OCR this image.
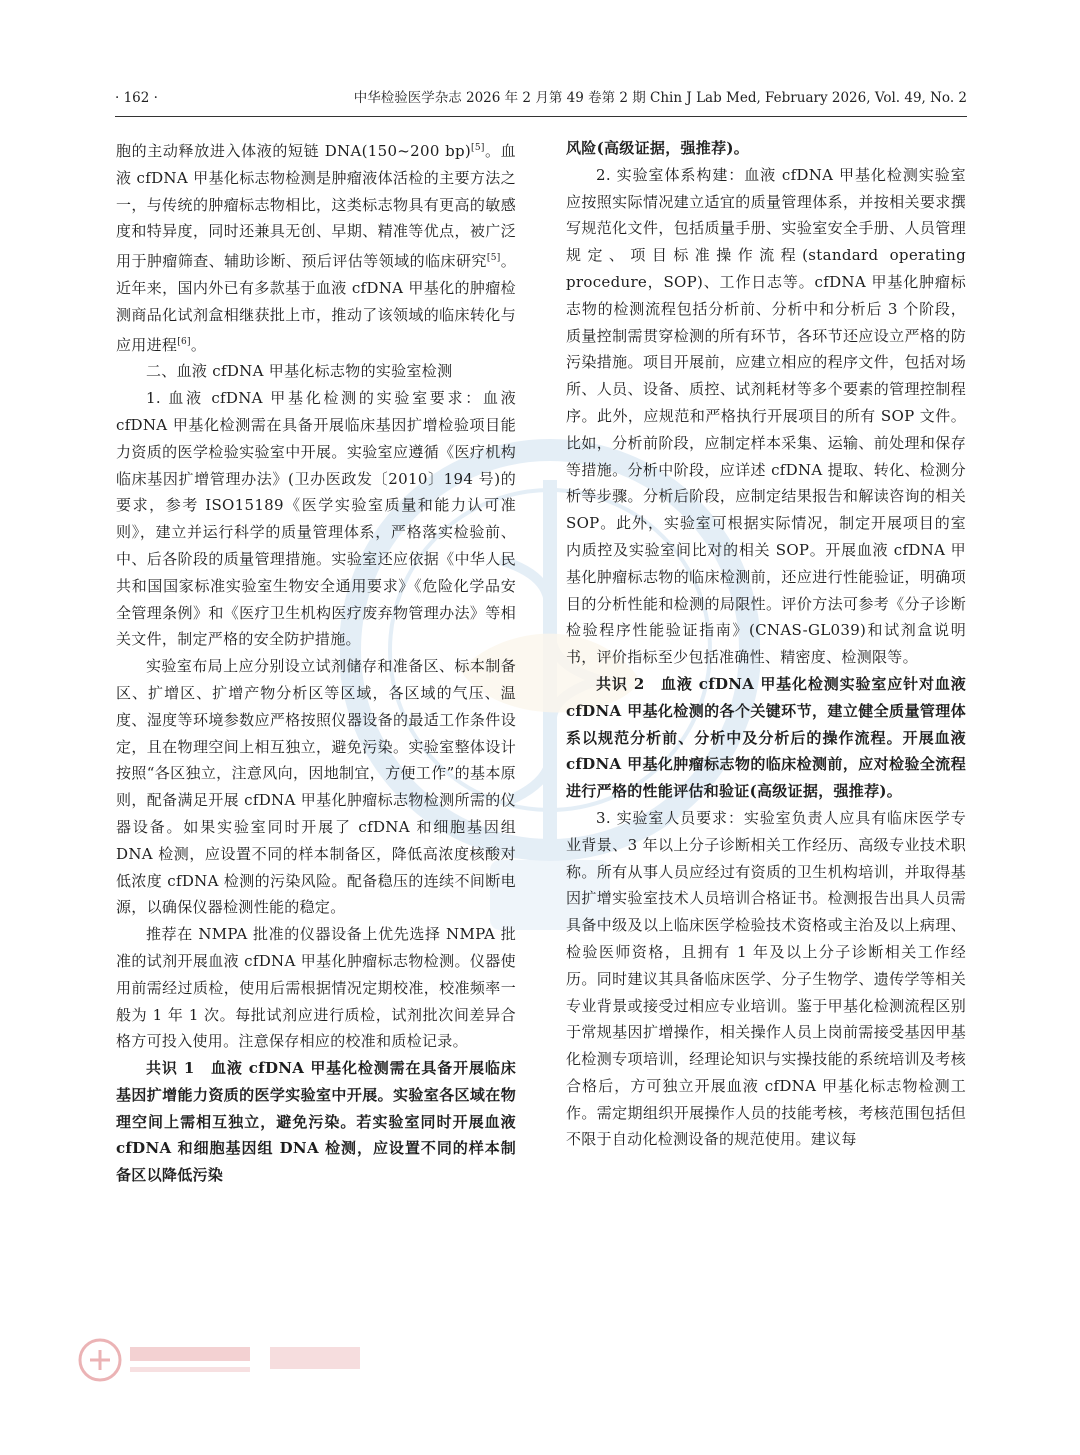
· 162 ·	中华检验医学杂志 2026 年 2 月第 49 卷第 2 期 Chin J Lab Med, February 2026, Vol. 49, No. 2

胞的主动释放进入体液的短链 DNA(150~200 bp)[5]。血液 cfDNA 甲基化标志物检测是肿瘤液体活检的主要方法之一，与传统的肿瘤标志物相比，这类标志物具有更高的敏感度和特异度，同时还兼具无创、早期、精准等优点，被广泛用于肿瘤筛查、辅助诊断、预后评估等领域的临床研究[5]。近年来，国内外已有多款基于血液 cfDNA 甲基化的肿瘤检测商品化试剂盒相继获批上市，推动了该领域的临床转化与应用进程[6]。

二、血液 cfDNA 甲基化标志物的实验室检测

1. 血液 cfDNA 甲基化检测的实验室要求：血液 cfDNA 甲基化检测需在具备开展临床基因扩增检验项目能力资质的医学检验实验室中开展。实验室应遵循《医疗机构临床基因扩增管理办法》(卫办医政发〔2010〕194 号)的要求，参考 ISO15189《医学实验室质量和能力认可准则》，建立并运行科学的质量管理体系，严格落实检验前、中、后各阶段的质量管理措施。实验室还应依据《中华人民共和国国家标准实验室生物安全通用要求》《危险化学品安全管理条例》和《医疗卫生机构医疗废弃物管理办法》等相关文件，制定严格的安全防护措施。

实验室布局上应分别设立试剂储存和准备区、标本制备区、扩增区、扩增产物分析区等区域，各区域的气压、温度、湿度等环境参数应严格按照仪器设备的最适工作条件设定，且在物理空间上相互独立，避免污染。实验室整体设计按照“各区独立，注意风向，因地制宜，方便工作”的基本原则，配备满足开展 cfDNA 甲基化肿瘤标志物检测所需的仪器设备。如果实验室同时开展了 cfDNA 和细胞基因组 DNA 检测，应设置不同的样本制备区，降低高浓度核酸对低浓度 cfDNA 检测的污染风险。配备稳压的连续不间断电源，以确保仪器检测性能的稳定。

推荐在 NMPA 批准的仪器设备上优先选择 NMPA 批准的试剂开展血液 cfDNA 甲基化肿瘤标志物检测。仪器使用前需经过质检，使用后需根据情况定期校准，校准频率一般为 1 年 1 次。每批试剂应进行质检，试剂批次间差异合格方可投入使用。注意保存相应的校准和质检记录。

共识 1　血液 cfDNA 甲基化检测需在具备开展临床基因扩增能力资质的医学实验室中开展。实验室各区域在物理空间上需相互独立，避免污染。若实验室同时开展血液 cfDNA 和细胞基因组 DNA 检测，应设置不同的样本制备区以降低污染

风险(高级证据，强推荐)。

2. 实验室体系构建：血液 cfDNA 甲基化检测实验室应按照实际情况建立适宜的质量管理体系，并按相关要求撰写规范化文件，包括质量手册、实验室安全手册、人员管理规定、项目标准操作流程(standard operating procedure，SOP)、工作日志等。cfDNA 甲基化肿瘤标志物的检测流程包括分析前、分析中和分析后 3 个阶段，质量控制需贯穿检测的所有环节，各环节还应设立严格的防污染措施。项目开展前，应建立相应的程序文件，包括对场所、人员、设备、质控、试剂耗材等多个要素的管理控制程序。此外，应规范和严格执行开展项目的所有 SOP 文件。比如，分析前阶段，应制定样本采集、运输、前处理和保存等措施。分析中阶段，应详述 cfDNA 提取、转化、检测分析等步骤。分析后阶段，应制定结果报告和解读咨询的相关 SOP。此外，实验室可根据实际情况，制定开展项目的室内质控及实验室间比对的相关 SOP。开展血液 cfDNA 甲基化肿瘤标志物的临床检测前，还应进行性能验证，明确项目的分析性能和检测的局限性。评价方法可参考《分子诊断检验程序性能验证指南》(CNAS-GL039)和试剂盒说明书，评价指标至少包括准确性、精密度、检测限等。

共识 2　血液 cfDNA 甲基化检测实验室应针对血液 cfDNA 甲基化检测的各个关键环节，建立健全质量管理体系以规范分析前、分析中及分析后的操作流程。开展血液 cfDNA 甲基化肿瘤标志物的临床检测前，应对检验全流程进行严格的性能评估和验证(高级证据，强推荐)。

3. 实验室人员要求：实验室负责人应具有临床医学专业背景、3 年以上分子诊断相关工作经历、高级专业技术职称。所有从事人员应经过有资质的卫生机构培训，并取得基因扩增实验室技术人员培训合格证书。检测报告出具人员需具备中级及以上临床医学检验技术资格或主治及以上病理、检验医师资格，且拥有 1 年及以上分子诊断相关工作经历。同时建议其具备临床医学、分子生物学、遗传学等相关专业背景或接受过相应专业培训。鉴于甲基化检测流程区别于常规基因扩增操作，相关操作人员上岗前需接受基因甲基化检测专项培训，经理论知识与实操技能的系统培训及考核合格后，方可独立开展血液 cfDNA 甲基化标志物检测工作。需定期组织开展操作人员的技能考核，考核范围包括但不限于自动化检测设备的规范使用。建议每
